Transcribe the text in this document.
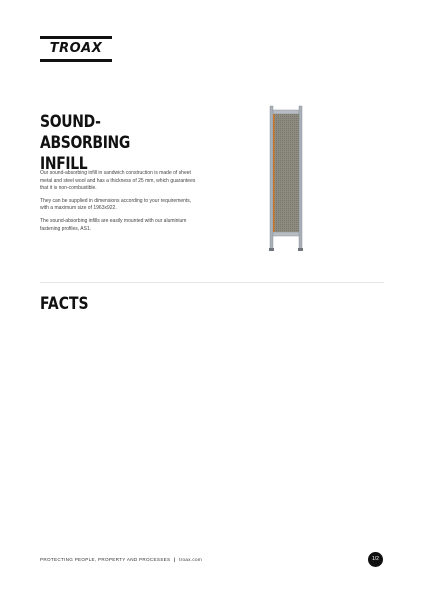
TROAX
SOUND-ABSORBING
INFILL

Our sound-absorbing infill in sandwich construction is made of sheet metal and steel wool and has a thickness of 25 mm, which guarantees that it is non-combustible.

They can be supplied in dimensions according to your requirements, with a maximum size of 1963x922.

The sound-absorbing infills are easily mounted with our aluminium fastening profiles, AS1.

FACTS
PROTECTING PEOPLE, PROPERTY AND PROCESSES | troax.com	1/2
